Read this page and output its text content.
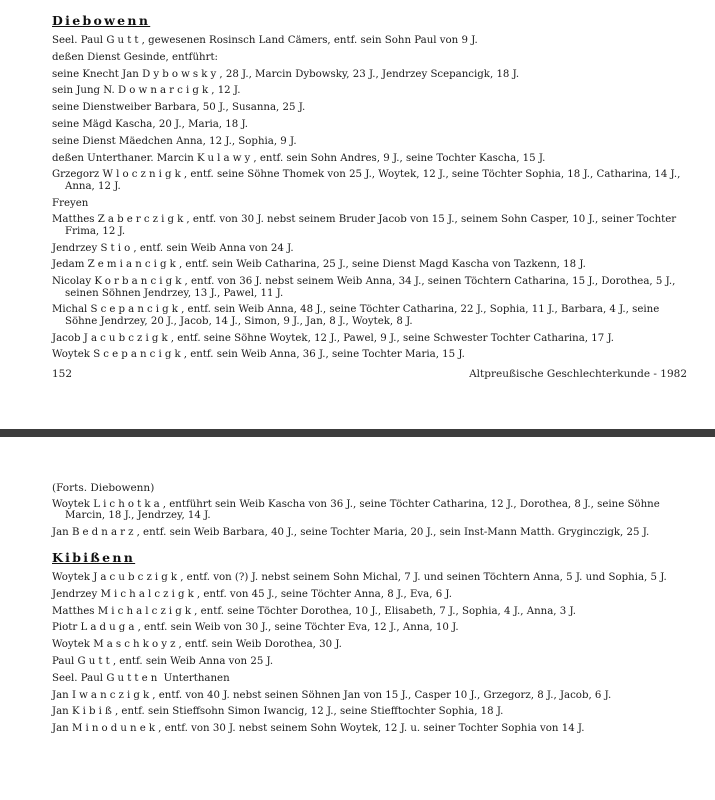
Diebowenn
Seel. Paul Gutt, gewesenen Rosinsch Land Cämers, entf. sein Sohn Paul von 9 J.
deßen Dienst Gesinde, entführt:
seine Knecht Jan Dybowsky, 28 J., Marcin Dybowsky, 23 J., Jendrzey Scepancigk, 18 J.
sein Jung N. Downarcigk, 12 J.
seine Dienstweiber Barbara, 50 J., Susanna, 25 J.
seine Mägd Kascha, 20 J., Maria, 18 J.
seine Dienst Mäedchen Anna, 12 J., Sophia, 9 J.
deßen Unterthaner. Marcin Kulawy, entf. sein Sohn Andres, 9 J., seine Tochter Kascha, 15 J.
Grzegorz Wlocznigk, entf. seine Söhne Thomek von 25 J., Woytek, 12 J., seine Töchter Sophia, 18 J., Catharina, 14 J., Anna, 12 J.
Freyen
Matthes Zaberczigk, entf. von 30 J. nebst seinem Bruder Jacob von 15 J., seinem Sohn Casper, 10 J., seiner Tochter Frima, 12 J.
Jendrzey Stio, entf. sein Weib Anna von 24 J.
Jedam Zemiancigk, entf. sein Weib Catharina, 25 J., seine Dienst Magd Kascha von Tazkenn, 18 J.
Nicolay Korbancigk, entf. von 36 J. nebst seinem Weib Anna, 34 J., seinen Töchtern Catharina, 15 J., Dorothea, 5 J., seinen Söhnen Jendrzey, 13 J., Pawel, 11 J.
Michal Scepancigk, entf. sein Weib Anna, 48 J., seine Töchter Catharina, 22 J., Sophia, 11 J., Barbara, 4 J., seine Söhne Jendrzey, 20 J., Jacob, 14 J., Simon, 9 J., Jan, 8 J., Woytek, 8 J.
Jacob Jacubczigk, entf. seine Söhne Woytek, 12 J., Pawel, 9 J., seine Schwester Tochter Catharina, 17 J.
Woytek Scepancigk, entf. sein Weib Anna, 36 J., seine Tochter Maria, 15 J.
152	Altpreußische Geschlechterkunde - 1982
(Forts. Diebowenn)
Woytek Lichotka, entführt sein Weib Kascha von 36 J., seine Töchter Catharina, 12 J., Dorothea, 8 J., seine Söhne Marcin, 18 J., Jendrzey, 14 J.
Jan Bednarz, entf. sein Weib Barbara, 40 J., seine Tochter Maria, 20 J., sein Inst-Mann Matth. Gryginczigk, 25 J.
Kibißenn
Woytek Jacubczigk, entf. von (?) J. nebst seinem Sohn Michal, 7 J. und seinen Töchtern Anna, 5 J. und Sophia, 5 J.
Jendrzey Michalczigk, entf. von 45 J., seine Töchter Anna, 8 J., Eva, 6 J.
Matthes Michalczigk, entf. seine Töchter Dorothea, 10 J., Elisabeth, 7 J., Sophia, 4 J., Anna, 3 J.
Piotr Laduga, entf. sein Weib von 30 J., seine Töchter Eva, 12 J., Anna, 10 J.
Woytek Maschkoyz, entf. sein Weib Dorothea, 30 J.
Paul Gutt, entf. sein Weib Anna von 25 J.
Seel. Paul Gutten Unterthanen
Jan Iwanczigk, entf. von 40 J. nebst seinen Söhnen Jan von 15 J., Casper 10 J., Grzegorz, 8 J., Jacob, 6 J.
Jan Kibiß, entf. sein Stieffsohn Simon Iwancig, 12 J., seine Stiefftochter Sophia, 18 J.
Jan Minodunek, entf. von 30 J. nebst seinem Sohn Woytek, 12 J. u. seiner Tochter Sophia von 14 J.
